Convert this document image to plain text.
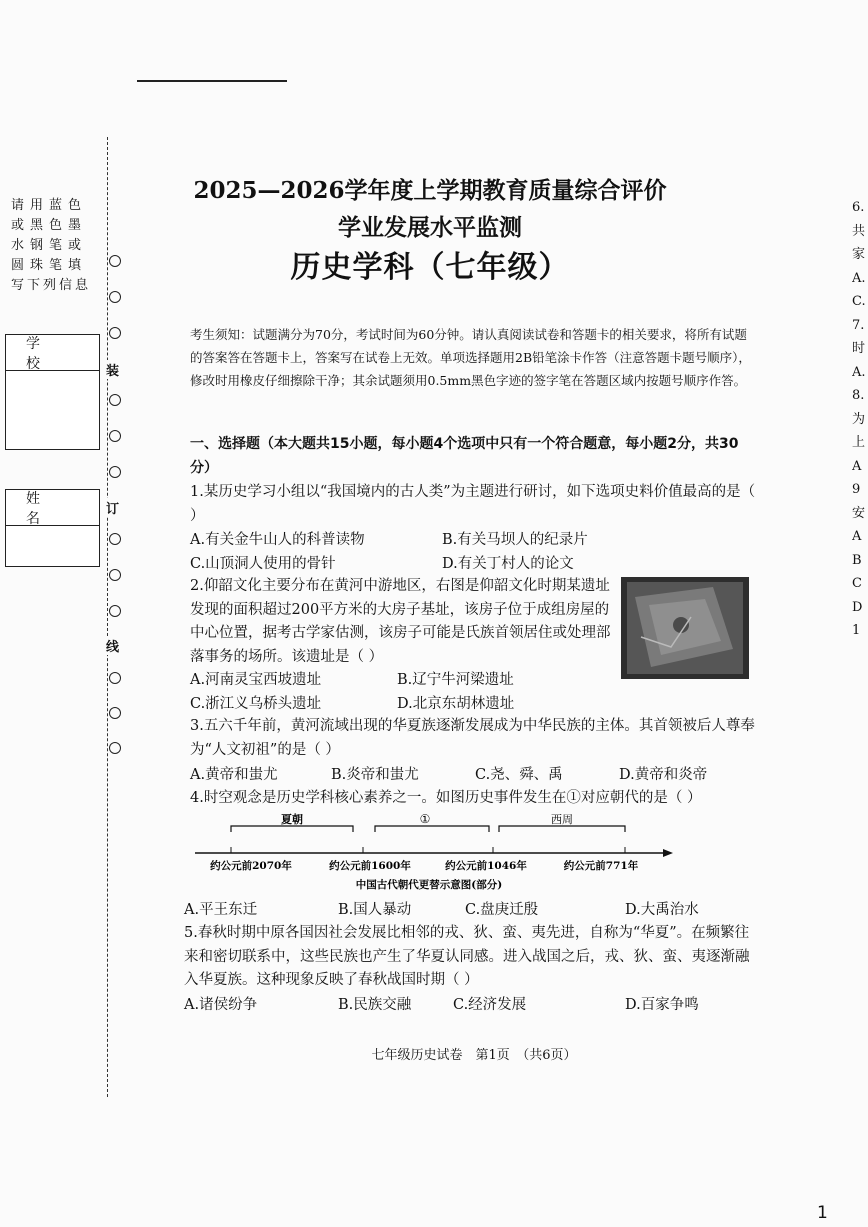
请用蓝色
或黑色墨
水钢笔或
圆珠笔填
写下列信息
学校
姓名
装
订
线
2025—2026学年度上学期教育质量综合评价
学业发展水平监测
历史学科（七年级）
考生须知：试题满分为70分，考试时间为60分钟。请认真阅读试卷和答题卡的相关要求，将所有试题的答案答在答题卡上，答案写在试卷上无效。单项选择题用2B铅笔涂卡作答（注意答题卡题号顺序），修改时用橡皮仔细擦除干净；其余试题须用0.5mm黑色字迹的签字笔在答题区域内按题号顺序作答。
一、选择题（本大题共15小题，每小题4个选项中只有一个符合题意，每小题2分，共30分）
1.某历史学习小组以“我国境内的古人类”为主题进行研讨，如下选项史料价值最高的是（ ）
A.有关金牛山人的科普读物	B.有关马坝人的纪录片
C.山顶洞人使用的骨针	D.有关丁村人的论文
2.仰韶文化主要分布在黄河中游地区，右图是仰韶文化时期某遗址发现的面积超过200平方米的大房子基址，该房子位于成组房屋的中心位置，据考古学家估测，该房子可能是氏族首领居住或处理部落事务的场所。该遗址是（ ）
A.河南灵宝西坡遗址	B.辽宁牛河梁遗址
C.浙江义乌桥头遗址	D.北京东胡林遗址
3.五六千年前，黄河流域出现的华夏族逐渐发展成为中华民族的主体。其首领被后人尊奉为“人文初祖”的是（ ）
A.黄帝和蚩尤	B.炎帝和蚩尤	C.尧、舜、禹	D.黄帝和炎帝
4.时空观念是历史学科核心素养之一。如图历史事件发生在①对应朝代的是（ ）
夏朝	①	西周
约公元前2070年	约公元前1600年	约公元前1046年	约公元前771年
中国古代朝代更替示意图(部分)
A.平王东迁	B.国人暴动	C.盘庚迁殷	D.大禹治水
5.春秋时期中原各国因社会发展比相邻的戎、狄、蛮、夷先进，自称为“华夏”。在频繁往来和密切联系中，这些民族也产生了华夏认同感。进入战国之后，戎、狄、蛮、夷逐渐融入华夏族。这种现象反映了春秋战国时期（ ）
A.诸侯纷争	B.民族交融	C.经济发展	D.百家争鸣
七年级历史试卷　第1页　（共6页）
1
6.
共
家
A.
C.
7.
时
A.
8.
为
上
A
9
安
A
B
C
D
1
